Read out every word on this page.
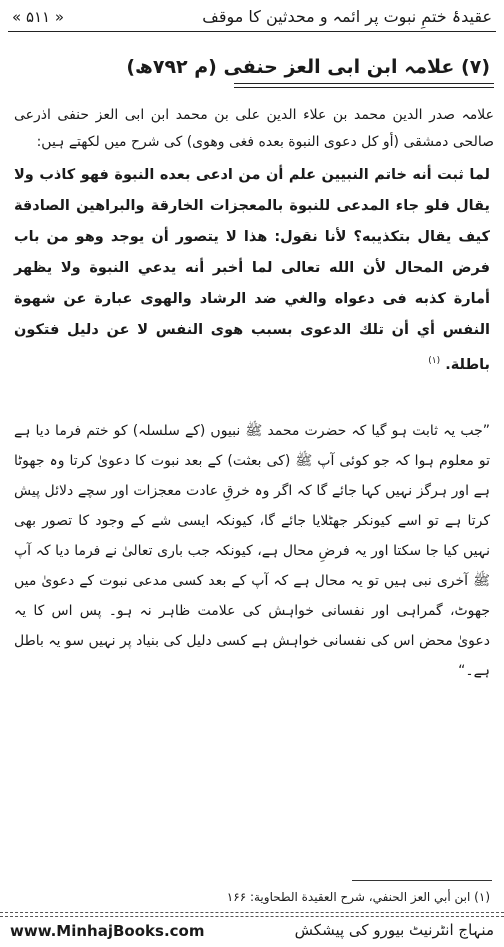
عقیدۂ ختمِ نبوت پر ائمہ و محدثین کا موقف
« ۵۱۱ »
(۷) علامہ ابن ابی العز حنفی (م ۷۹۲ھ)
علامہ صدر الدین محمد بن علاء الدین علی بن محمد ابن ابی العز حنفی اذرعی صالحی دمشقی (أو كل دعوى النبوة بعده فغی وهوى) کی شرح میں لکھتے ہیں:
لما ثبت أنه خاتم النبيين علم أن من ادعى بعده النبوة فهو كاذب ولا يقال فلو جاء المدعى للنبوة بالمعجزات الخارقة والبراهين الصادقة كيف يقال بتكذيبه؟ لأنا نقول: هذا لا يتصور أن يوجد وهو من باب فرض المحال لأن الله تعالى لما أخبر أنه يدعي النبوة ولا يظهر أمارة كذبه فى دعواه والغي ضد الرشاد والهوى عبارة عن شهوة النفس أي أن تلك الدعوى بسبب هوى النفس لا عن دليل فتكون باطلة. $^{(۱)}$
”جب یہ ثابت ہو گیا کہ حضرت محمد ﷺ نبیوں (کے سلسلہ) کو ختم فرما دیا ہے تو معلوم ہوا کہ جو کوئی آپ ﷺ (کی بعثت) کے بعد نبوت کا دعویٰ کرتا وہ جھوٹا ہے اور ہرگز نہیں کہا جائے گا کہ اگر وہ خرقِ عادت معجزات اور سچے دلائل پیش کرتا ہے تو اسے کیونکر جھٹلایا جائے گا، کیونکہ ایسی شے کے وجود کا تصور بھی نہیں کیا جا سکتا اور یہ فرضِ محال ہے، کیونکہ جب باری تعالیٰ نے فرما دیا کہ آپ ﷺ آخری نبی ہیں تو یہ محال ہے کہ آپ کے بعد کسی مدعی نبوت کے دعویٰ میں جھوٹ، گمراہی اور نفسانی خواہش کی علامت ظاہر نہ ہو۔ پس اس کا یہ دعویٰ محض اس کی نفسانی خواہش ہے کسی دلیل کی بنیاد پر نہیں سو یہ باطل ہے۔“
(۱) ابن أبي العز الحنفي، شرح العقيدة الطحاوية: ۱۶۶
www.MinhajBooks.com	منہاج انٹرنیٹ بیورو کی پیشکش
